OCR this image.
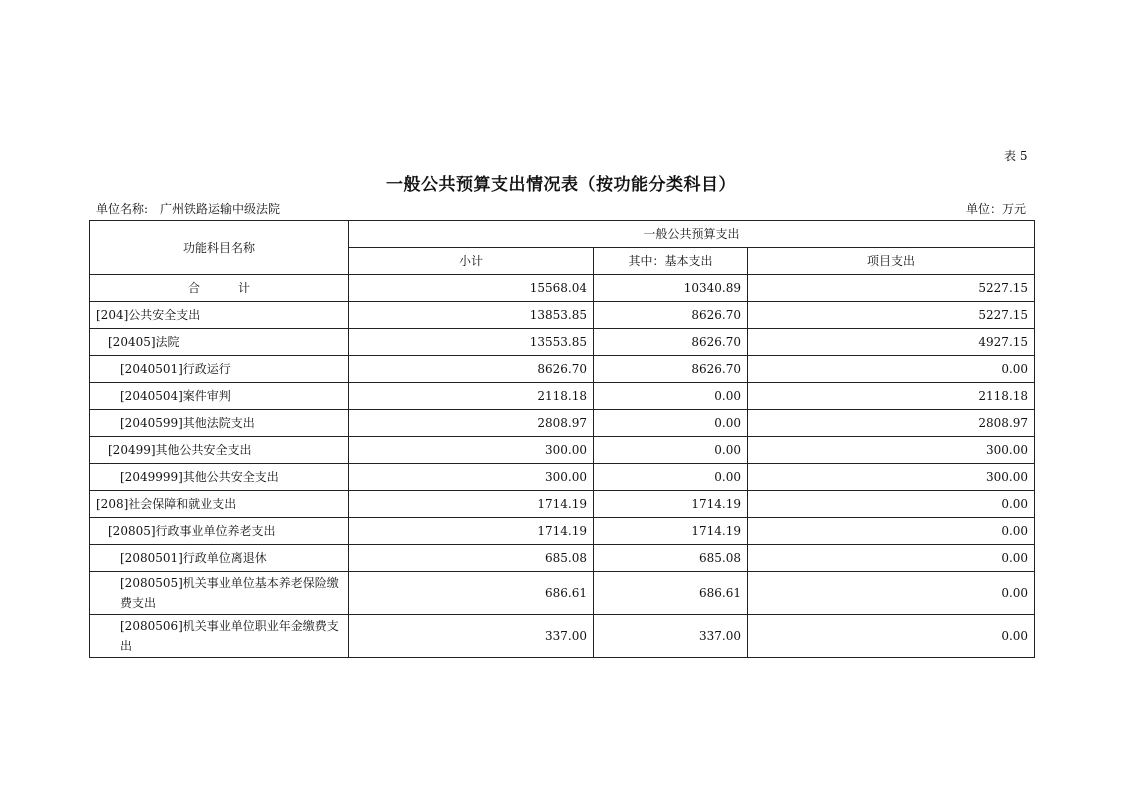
表 5
一般公共预算支出情况表（按功能分类科目）
单位名称: 广州铁路运输中级法院	单位：万元
功能科目名称	一般公共预算支出		
	小计	其中：基本支出	项目支出
合计	15568.04	10340.89	5227.15
[204]公共安全支出	13853.85	8626.70	5227.15
[20405]法院	13553.85	8626.70	4927.15
[2040501]行政运行	8626.70	8626.70	0.00
[2040504]案件审判	2118.18	0.00	2118.18
[2040599]其他法院支出	2808.97	0.00	2808.97
[20499]其他公共安全支出	300.00	0.00	300.00
[2049999]其他公共安全支出	300.00	0.00	300.00
[208]社会保障和就业支出	1714.19	1714.19	0.00
[20805]行政事业单位养老支出	1714.19	1714.19	0.00
[2080501]行政单位离退休	685.08	685.08	0.00
[2080505]机关事业单位基本养老保险缴费支出	686.61	686.61	0.00
[2080506]机关事业单位职业年金缴费支出	337.00	337.00	0.00
